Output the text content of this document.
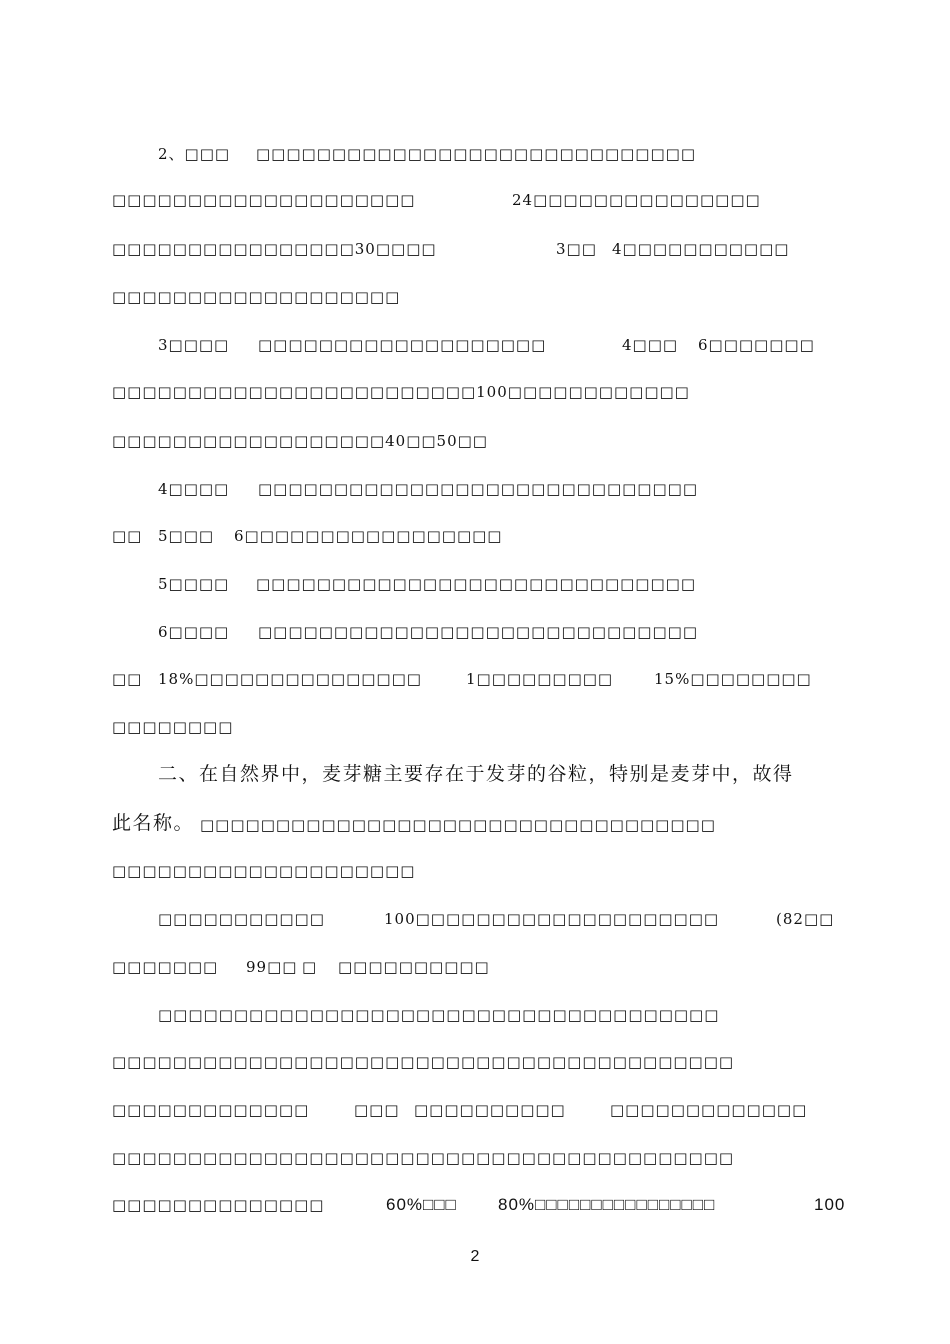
2、□□□ □□□□□□□□□□□□□□□□□□□□□□□□□□□□□
□□□□□□□□□□□□□□□□□□□□	24□□□□□□□□□□□□□□□
□□□□□□□□□□□□□□□□30□□□□	3□□ 4□□□□□□□□□□□
□□□□□□□□□□□□□□□□□□□
3□□□□ □□□□□□□□□□□□□□□□□□□	4□□□ 6□□□□□□□
□□□□□□□□□□□□□□□□□□□□□□□□100□□□□□□□□□□□□
□□□□□□□□□□□□□□□□□□40□□50□□
4□□□□ □□□□□□□□□□□□□□□□□□□□□□□□□□□□□
□□ 5□□□ 6□□□□□□□□□□□□□□□□□
5□□□□ □□□□□□□□□□□□□□□□□□□□□□□□□□□□□
6□□□□ □□□□□□□□□□□□□□□□□□□□□□□□□□□□□
□□ 18%□□□□□□□□□□□□□□□	1□□□□□□□□□	15%□□□□□□□□
□□□□□□□□
二、在自然界中，麦芽糖主要存在于发芽的谷粒，特别是麦芽中，故得
此名称。 □□□□□□□□□□□□□□□□□□□□□□□□□□□□□□□□□□
□□□□□□□□□□□□□□□□□□□□
□□□□□□□□□□□	100□□□□□□□□□□□□□□□□□□□□	(82□□
□□□□□□□ 99□□ □ □□□□□□□□□□
□□□□□□□□□□□□□□□□□□□□□□□□□□□□□□□□□□□□□
□□□□□□□□□□□□□□□□□□□□□□□□□□□□□□□□□□□□□□□□□
□□□□□□□□□□□□□	□□□ □□□□□□□□□□	□□□□□□□□□□□□□
□□□□□□□□□□□□□□□□□□□□□□□□□□□□□□□□□□□□□□□□□
□□□□□□□□□□□□□□	60%□□□ 80%□□□□□□□□□□□□□□□□	100
2
